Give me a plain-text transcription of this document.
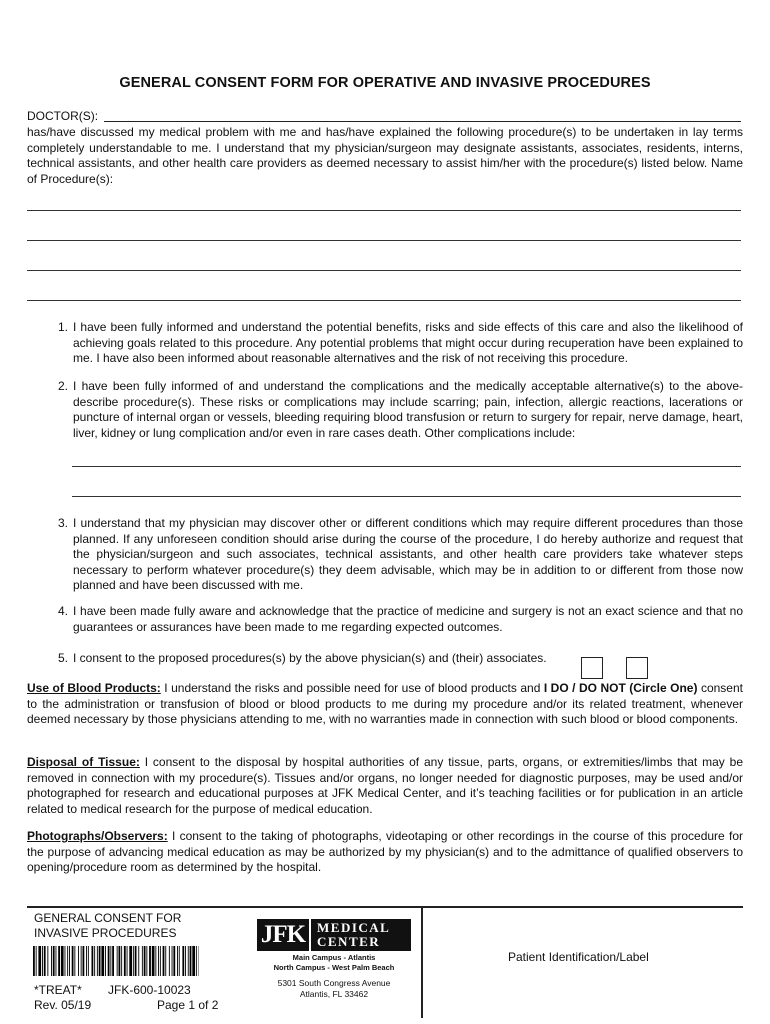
GENERAL CONSENT FORM FOR OPERATIVE AND INVASIVE PROCEDURES
DOCTOR(S):
has/have discussed my medical problem with me and has/have explained the following procedure(s) to be undertaken in lay terms completely understandable to me. I understand that my physician/surgeon may designate assistants, associates, residents, interns, technical assistants, and other health care providers as deemed necessary to assist him/her with the procedure(s) listed below. Name of Procedure(s):
1. I have been fully informed and understand the potential benefits, risks and side effects of this care and also the likelihood of achieving goals related to this procedure. Any potential problems that might occur during recuperation have been explained to me. I have also been informed about reasonable alternatives and the risk of not receiving this procedure.
2. I have been fully informed of and understand the complications and the medically acceptable alternative(s) to the above-describe procedure(s). These risks or complications may include scarring; pain, infection, allergic reactions, lacerations or puncture of internal organ or vessels, bleeding requiring blood transfusion or return to surgery for repair, nerve damage, heart, liver, kidney or lung complication and/or even in rare cases death. Other complications include:
3. I understand that my physician may discover other or different conditions which may require different procedures than those planned. If any unforeseen condition should arise during the course of the procedure, I do hereby authorize and request that the physician/surgeon and such associates, technical assistants, and other health care providers take whatever steps necessary to perform whatever procedure(s) they deem advisable, which may be in addition to or different from those now planned and have been discussed with me.
4. I have been made fully aware and acknowledge that the practice of medicine and surgery is not an exact science and that no guarantees or assurances have been made to me regarding expected outcomes.
5. I consent to the proposed procedures(s) by the above physician(s) and (their) associates.
Use of Blood Products: I understand the risks and possible need for use of blood products and I DO / DO NOT (Circle One) consent to the administration or transfusion of blood or blood products to me during my procedure and/or its related treatment, whenever deemed necessary by those physicians attending to me, with no warranties made in connection with such blood or blood components.
Disposal of Tissue: I consent to the disposal by hospital authorities of any tissue, parts, organs, or extremities/limbs that may be removed in connection with my procedure(s). Tissues and/or organs, no longer needed for diagnostic purposes, may be used and/or photographed for research and educational purposes at JFK Medical Center, and it’s teaching facilities or for publication in an article related to medical research for the purpose of medical education.
Photographs/Observers: I consent to the taking of photographs, videotaping or other recordings in the course of this procedure for the purpose of advancing medical education as may be authorized by my physician(s) and to the admittance of qualified observers to opening/procedure room as determined by the hospital.
GENERAL CONSENT FOR
INVASIVE PROCEDURES
*TREAT* JFK-600-10023
Rev. 05/19	Page 1 of 2
JFK MEDICAL
CENTER
Main Campus - Atlantis
North Campus - West Palm Beach
5301 South Congress Avenue
Atlantis, FL 33462
Patient Identification/Label
